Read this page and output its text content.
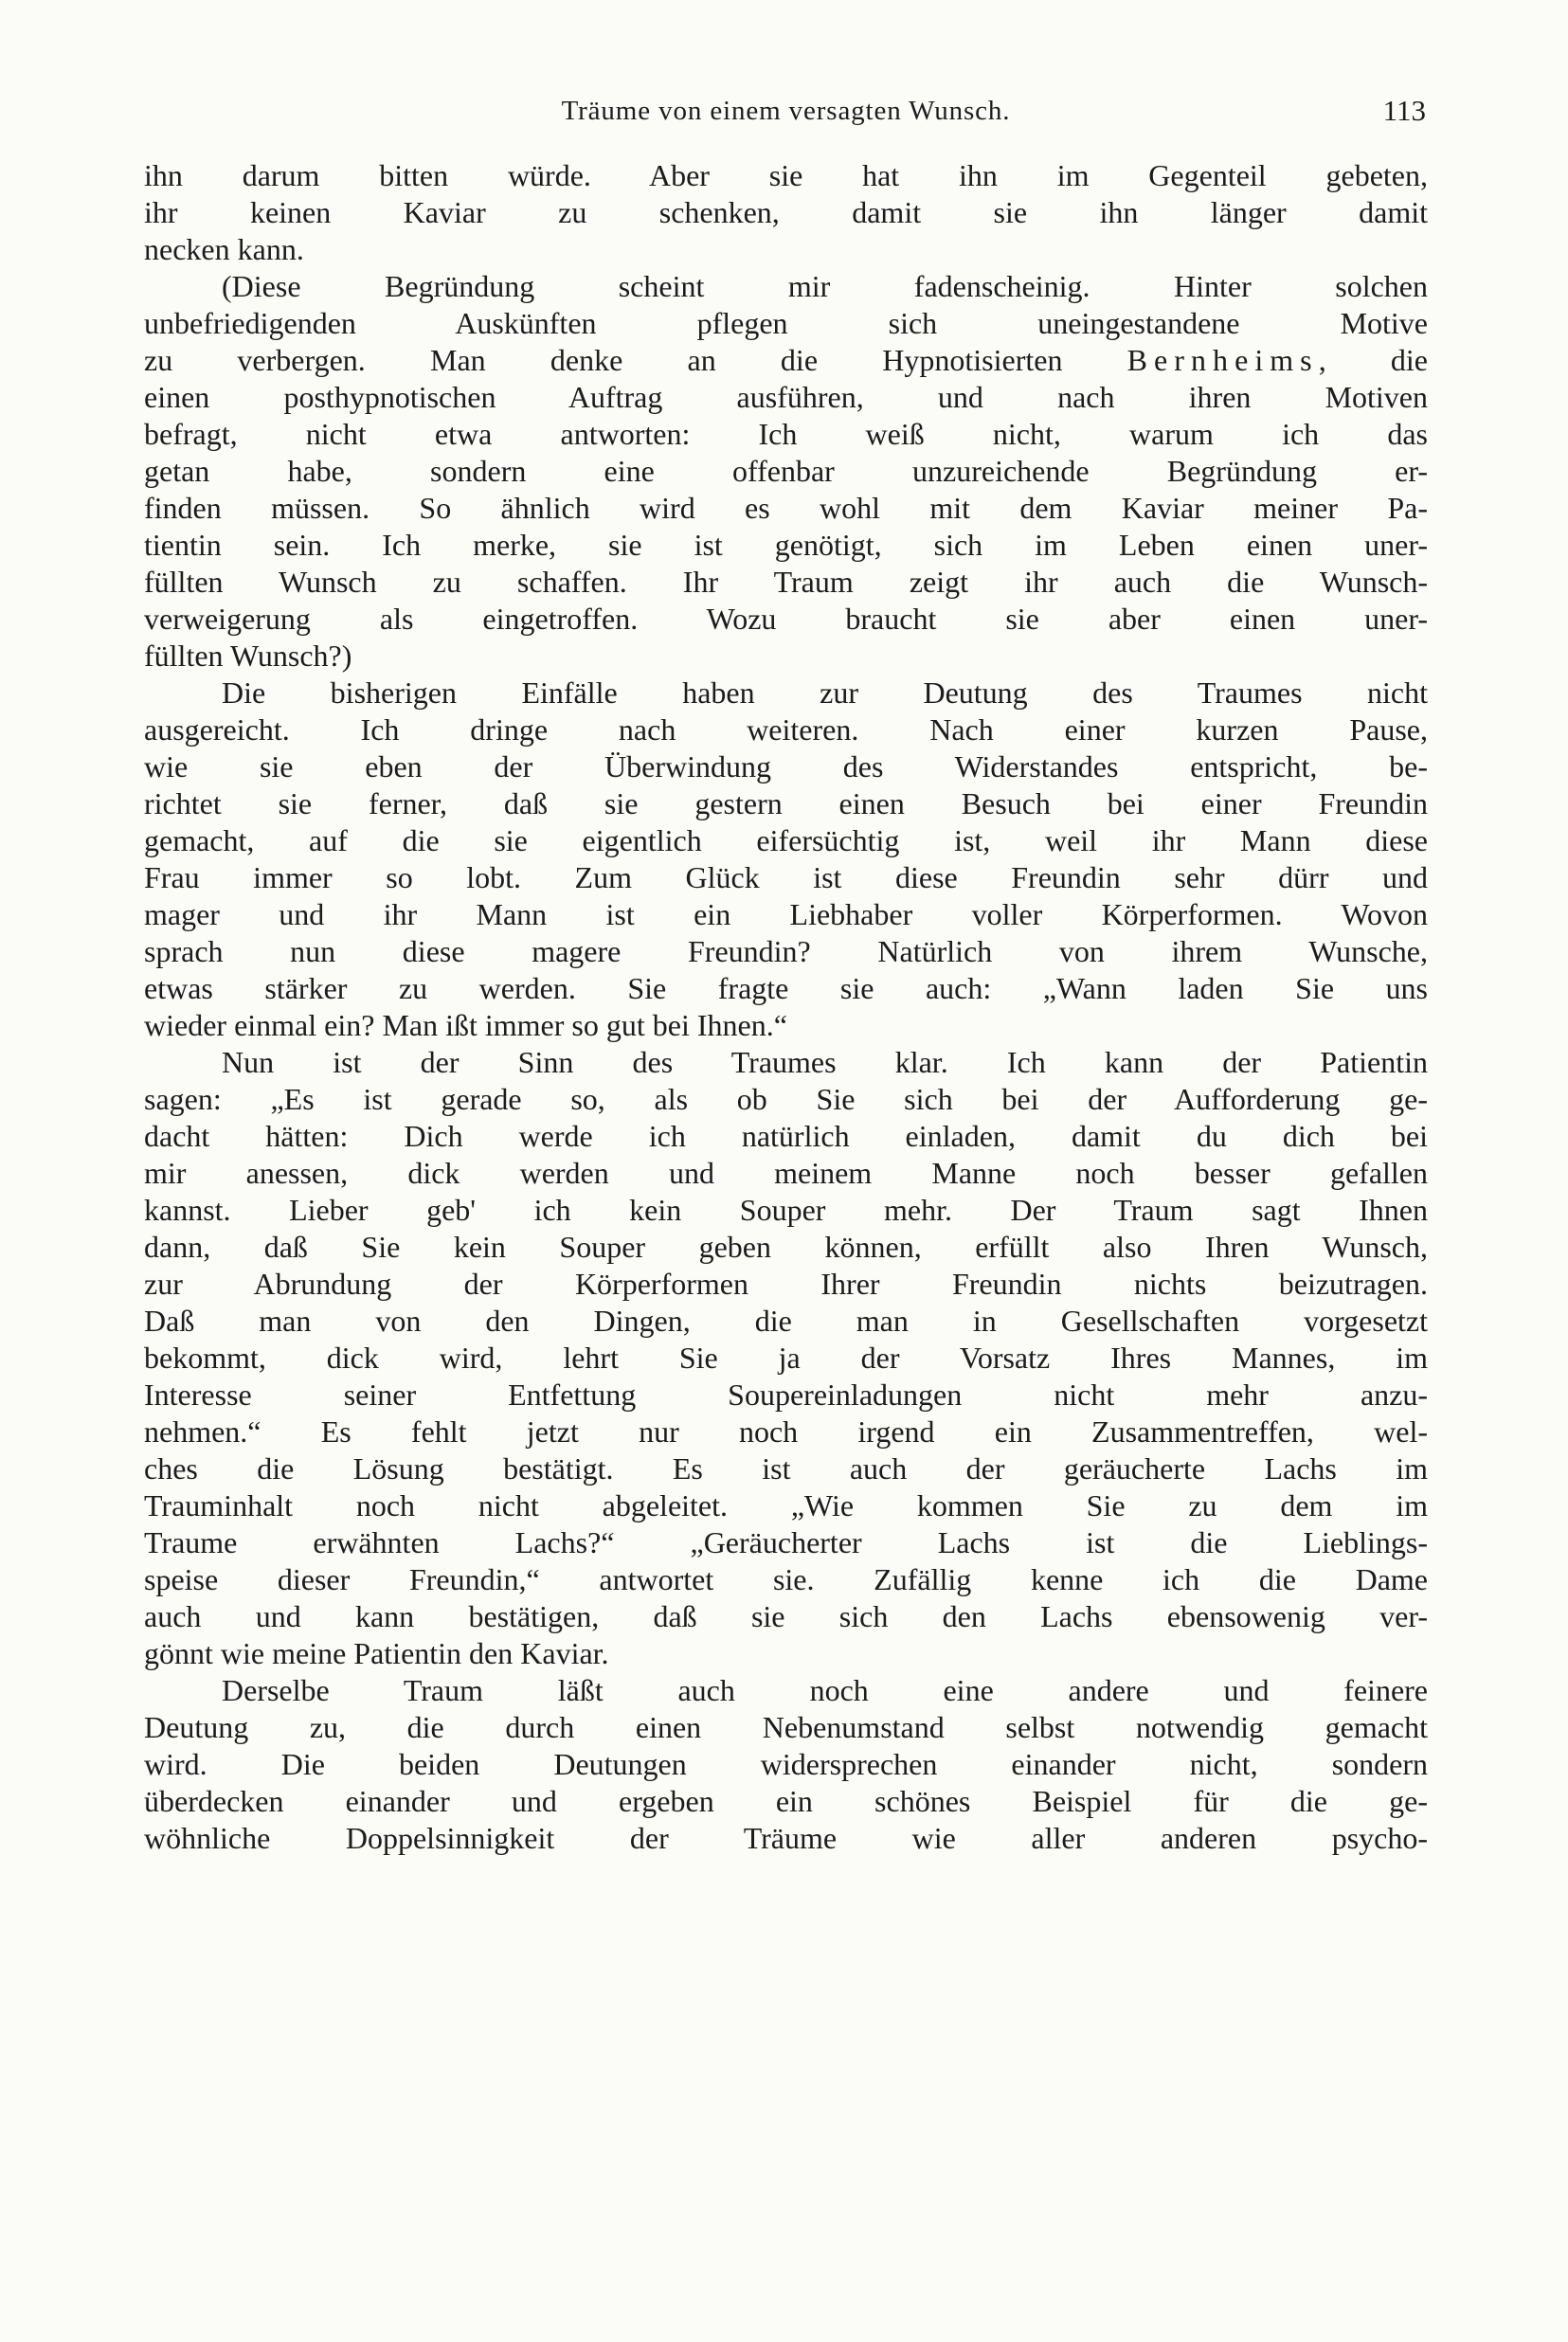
Träume von einem versagten Wunsch.	113
ihn darum bitten würde. Aber sie hat ihn im Gegenteil gebeten,
ihr keinen Kaviar zu schenken, damit sie ihn länger damit
necken kann.
(Diese Begründung scheint mir fadenscheinig. Hinter solchen
unbefriedigenden Auskünften pflegen sich uneingestandene Motive
zu verbergen. Man denke an die Hypnotisierten Bernheims, die
einen posthypnotischen Auftrag ausführen, und nach ihren Motiven
befragt, nicht etwa antworten: Ich weiß nicht, warum ich das
getan habe, sondern eine offenbar unzureichende Begründung er-
finden müssen. So ähnlich wird es wohl mit dem Kaviar meiner Pa-
tientin sein. Ich merke, sie ist genötigt, sich im Leben einen uner-
füllten Wunsch zu schaffen. Ihr Traum zeigt ihr auch die Wunsch-
verweigerung als eingetroffen. Wozu braucht sie aber einen uner-
füllten Wunsch?)
Die bisherigen Einfälle haben zur Deutung des Traumes nicht
ausgereicht. Ich dringe nach weiteren. Nach einer kurzen Pause,
wie sie eben der Überwindung des Widerstandes entspricht, be-
richtet sie ferner, daß sie gestern einen Besuch bei einer Freundin
gemacht, auf die sie eigentlich eifersüchtig ist, weil ihr Mann diese
Frau immer so lobt. Zum Glück ist diese Freundin sehr dürr und
mager und ihr Mann ist ein Liebhaber voller Körperformen. Wovon
sprach nun diese magere Freundin? Natürlich von ihrem Wunsche,
etwas stärker zu werden. Sie fragte sie auch: „Wann laden Sie uns
wieder einmal ein? Man ißt immer so gut bei Ihnen.“
Nun ist der Sinn des Traumes klar. Ich kann der Patientin
sagen: „Es ist gerade so, als ob Sie sich bei der Aufforderung ge-
dacht hätten: Dich werde ich natürlich einladen, damit du dich bei
mir anessen, dick werden und meinem Manne noch besser gefallen
kannst. Lieber geb' ich kein Souper mehr. Der Traum sagt Ihnen
dann, daß Sie kein Souper geben können, erfüllt also Ihren Wunsch,
zur Abrundung der Körperformen Ihrer Freundin nichts beizutragen.
Daß man von den Dingen, die man in Gesellschaften vorgesetzt
bekommt, dick wird, lehrt Sie ja der Vorsatz Ihres Mannes, im
Interesse seiner Entfettung Soupereinladungen nicht mehr anzu-
nehmen.“ Es fehlt jetzt nur noch irgend ein Zusammentreffen, wel-
ches die Lösung bestätigt. Es ist auch der geräucherte Lachs im
Trauminhalt noch nicht abgeleitet. „Wie kommen Sie zu dem im
Traume erwähnten Lachs?“ „Geräucherter Lachs ist die Lieblings-
speise dieser Freundin,“ antwortet sie. Zufällig kenne ich die Dame
auch und kann bestätigen, daß sie sich den Lachs ebensowenig ver-
gönnt wie meine Patientin den Kaviar.
Derselbe Traum läßt auch noch eine andere und feinere
Deutung zu, die durch einen Nebenumstand selbst notwendig gemacht
wird. Die beiden Deutungen widersprechen einander nicht, sondern
überdecken einander und ergeben ein schönes Beispiel für die ge-
wöhnliche Doppelsinnigkeit der Träume wie aller anderen psycho-
